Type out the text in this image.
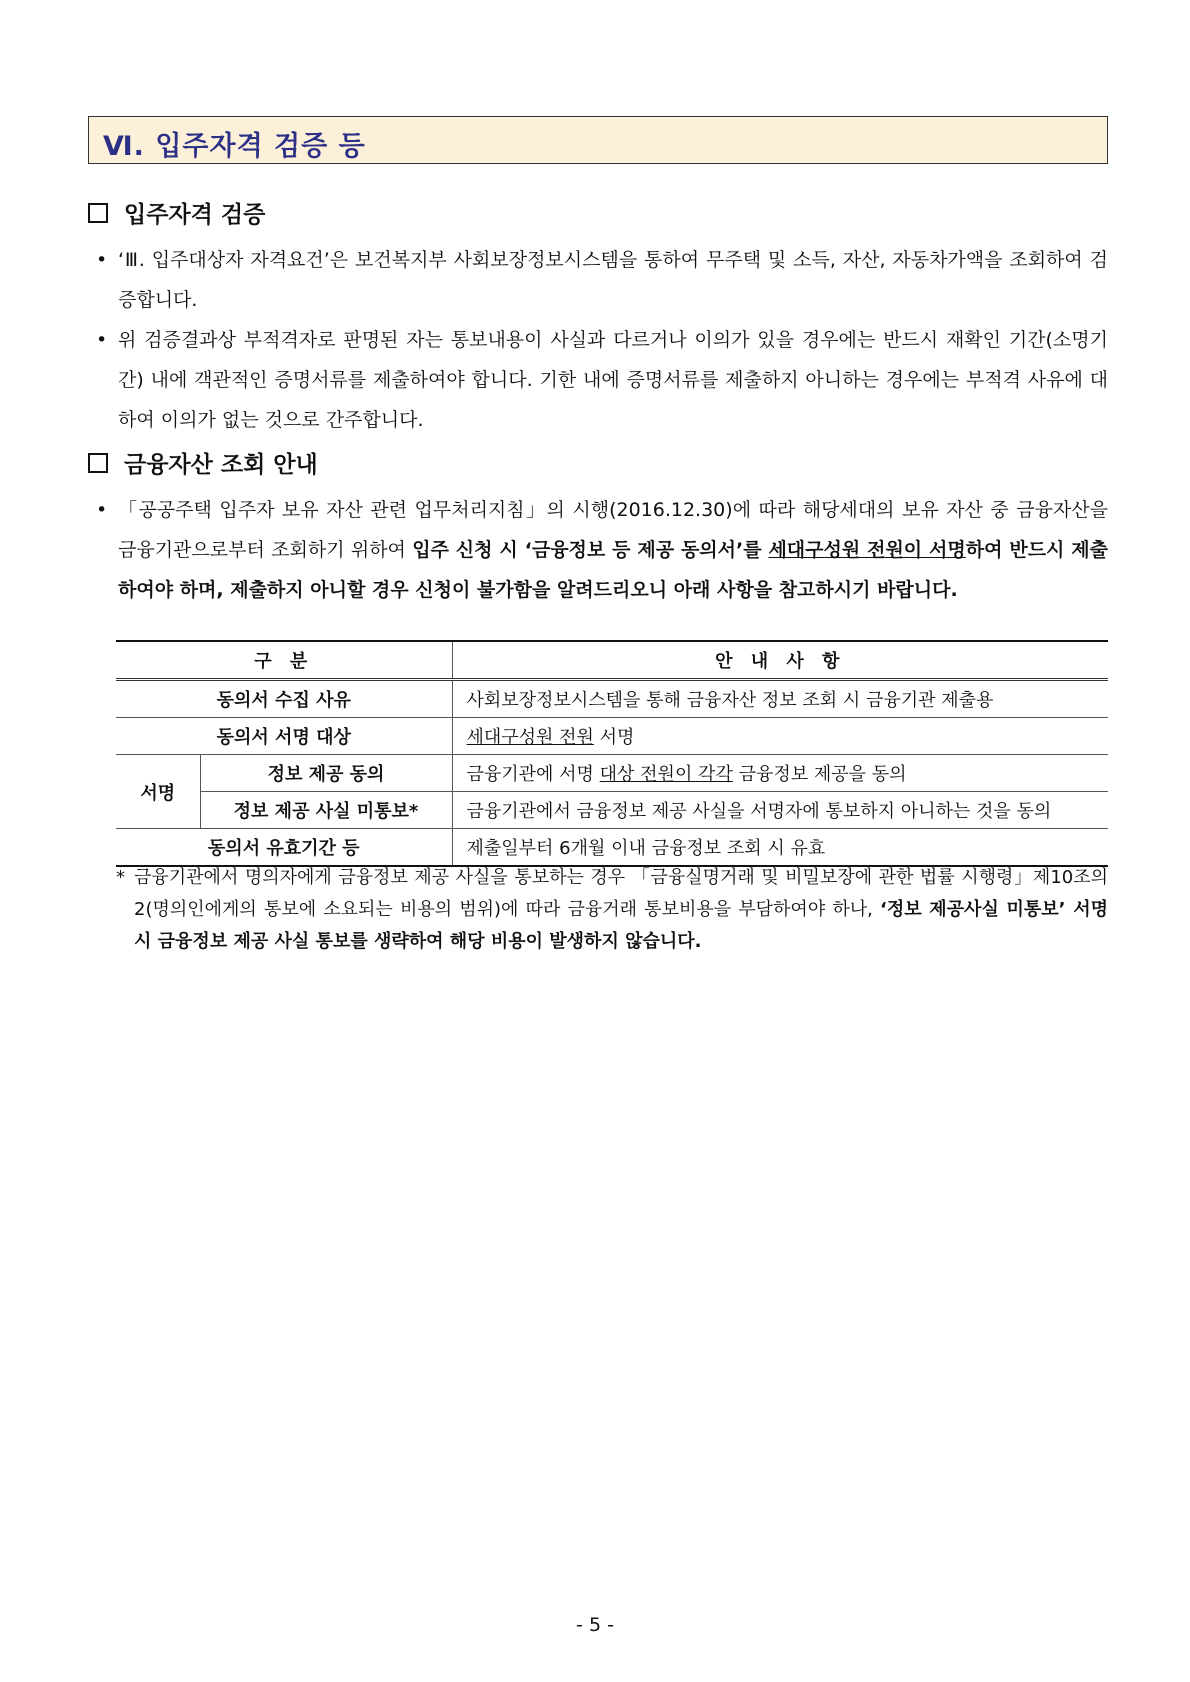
Ⅵ. 입주자격 검증 등
입주자격 검증
• ‘Ⅲ. 입주대상자 자격요건’은 보건복지부 사회보장정보시스템을 통하여 무주택 및 소득, 자산, 자동차가액을 조회하여 검증합니다.
• 위 검증결과상 부적격자로 판명된 자는 통보내용이 사실과 다르거나 이의가 있을 경우에는 반드시 재확인 기간(소명기간) 내에 객관적인 증명서류를 제출하여야 합니다. 기한 내에 증명서류를 제출하지 아니하는 경우에는 부적격 사유에 대하여 이의가 없는 것으로 간주합니다.
금융자산 조회 안내
• 「공공주택 입주자 보유 자산 관련 업무처리지침」의 시행(2016.12.30)에 따라 해당세대의 보유 자산 중 금융자산을 금융기관으로부터 조회하기 위하여 입주 신청 시 ‘금융정보 등 제공 동의서’를 세대구성원 전원이 서명하여 반드시 제출하여야 하며, 제출하지 아니할 경우 신청이 불가함을 알려드리오니 아래 사항을 참고하시기 바랍니다.
구 분		안 내 사 항
동의서 수집 사유		사회보장정보시스템을 통해 금융자산 정보 조회 시 금융기관 제출용
동의서 서명 대상		세대구성원 전원 서명
서명	정보 제공 동의	금융기관에 서명 대상 전원이 각각 금융정보 제공을 동의
	정보 제공 사실 미통보*	금융기관에서 금융정보 제공 사실을 서명자에 통보하지 아니하는 것을 동의
동의서 유효기간 등		제출일부터 6개월 이내 금융정보 조회 시 유효
* 금융기관에서 명의자에게 금융정보 제공 사실을 통보하는 경우 「금융실명거래 및 비밀보장에 관한 법률 시행령」제10조의2(명의인에게의 통보에 소요되는 비용의 범위)에 따라 금융거래 통보비용을 부담하여야 하나, ‘정보 제공사실 미통보’ 서명 시 금융정보 제공 사실 통보를 생략하여 해당 비용이 발생하지 않습니다.
- 5 -
